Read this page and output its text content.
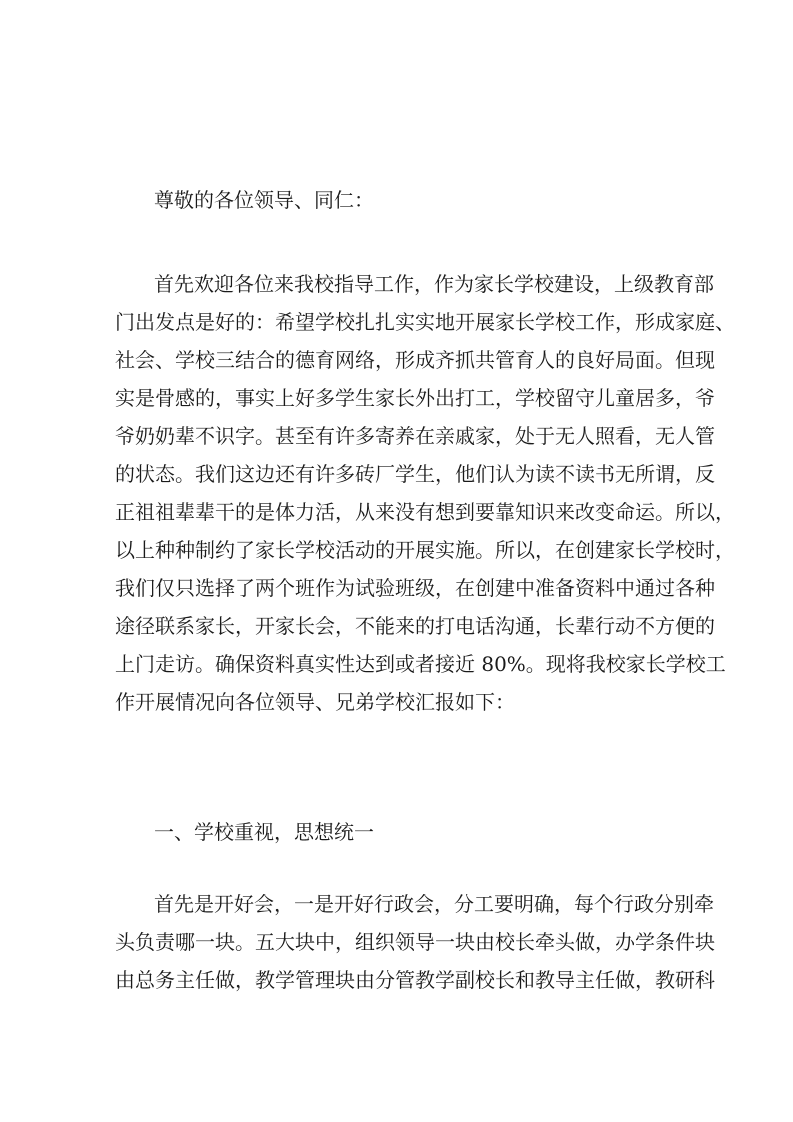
尊敬的各位领导、同仁：
首先欢迎各位来我校指导工作，作为家长学校建设，上级教育部
门出发点是好的：希望学校扎扎实实地开展家长学校工作，形成家庭、
社会、学校三结合的德育网络，形成齐抓共管育人的良好局面。但现
实是骨感的，事实上好多学生家长外出打工，学校留守儿童居多，爷
爷奶奶辈不识字。甚至有许多寄养在亲戚家，处于无人照看，无人管
的状态。我们这边还有许多砖厂学生，他们认为读不读书无所谓，反
正祖祖辈辈干的是体力活，从来没有想到要靠知识来改变命运。所以，
以上种种制约了家长学校活动的开展实施。所以，在创建家长学校时，
我们仅只选择了两个班作为试验班级，在创建中准备资料中通过各种
途径联系家长，开家长会，不能来的打电话沟通，长辈行动不方便的
上门走访。确保资料真实性达到或者接近 80%。现将我校家长学校工
作开展情况向各位领导、兄弟学校汇报如下：
一、学校重视，思想统一
首先是开好会，一是开好行政会，分工要明确，每个行政分别牵
头负责哪一块。五大块中，组织领导一块由校长牵头做，办学条件块
由总务主任做，教学管理块由分管教学副校长和教导主任做，教研科
